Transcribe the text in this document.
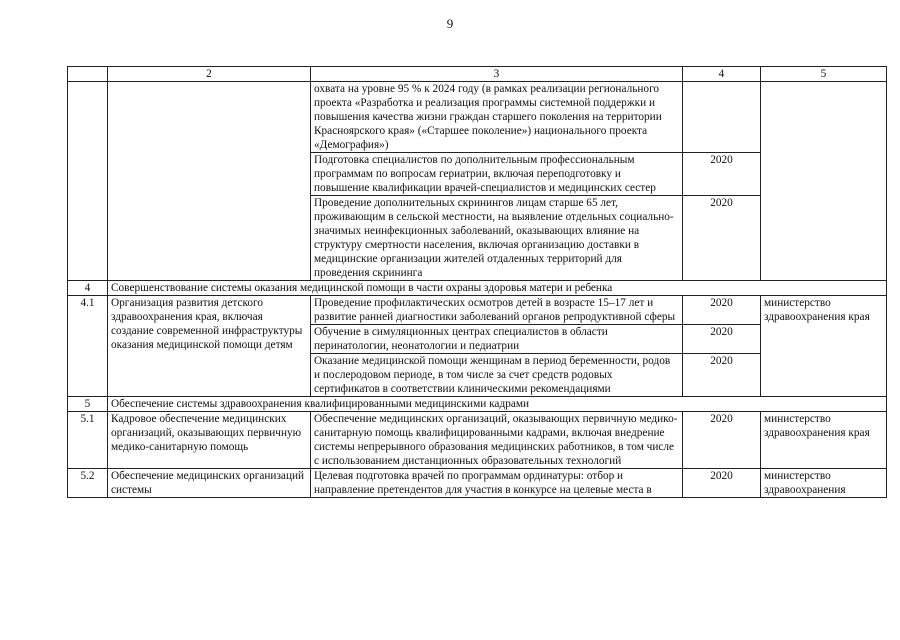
9
	2	3	4	5
		охвата на уровне 95 % к 2024 году (в рамках реализации регионального проекта «Разработка и реализация программы системной поддержки и повышения качества жизни граждан старшего поколения на территории Красноярского края» («Старшее поколение») национального проекта «Демография»)		
		Подготовка специалистов по дополнительным профессиональным программам по вопросам гериатрии, включая переподготовку и повышение квалификации врачей-специалистов и медицинских сестер	2020	
		Проведение дополнительных скринингов лицам старше 65 лет, проживающим в сельской местности, на выявление отдельных социально-значимых неинфекционных заболеваний, оказывающих влияние на структуру смертности населения, включая организацию доставки в медицинские организации жителей отдаленных территорий для проведения скрининга	2020	
4	Совершенствование системы оказания медицинской помощи в части охраны здоровья матери и ребенка			
4.1	Организация развития детского здравоохранения края, включая создание современной инфраструктуры оказания медицинской помощи детям	Проведение профилактических осмотров детей в возрасте 15–17 лет и развитие ранней диагностики заболеваний органов репродуктивной сферы	2020	министерство здравоохранения края
		Обучение в симуляционных центрах специалистов в области перинатологии, неонатологии и педиатрии	2020	
		Оказание медицинской помощи женщинам в период беременности, родов и послеродовом периоде, в том числе за счет средств родовых сертификатов в соответствии клиническими рекомендациями	2020	
5	Обеспечение системы здравоохранения квалифицированными медицинскими кадрами			
5.1	Кадровое обеспечение медицинских организаций, оказывающих первичную медико-санитарную помощь	Обеспечение медицинских организаций, оказывающих первичную медико-санитарную помощь квалифицированными кадрами, включая внедрение системы непрерывного образования медицинских работников, в том числе с использованием дистанционных образовательных технологий	2020	министерство здравоохранения края
5.2	Обеспечение медицинских организаций системы	Целевая подготовка врачей по программам ординатуры: отбор и направление претендентов для участия в конкурсе на целевые места в	2020	министерство здравоохранения
